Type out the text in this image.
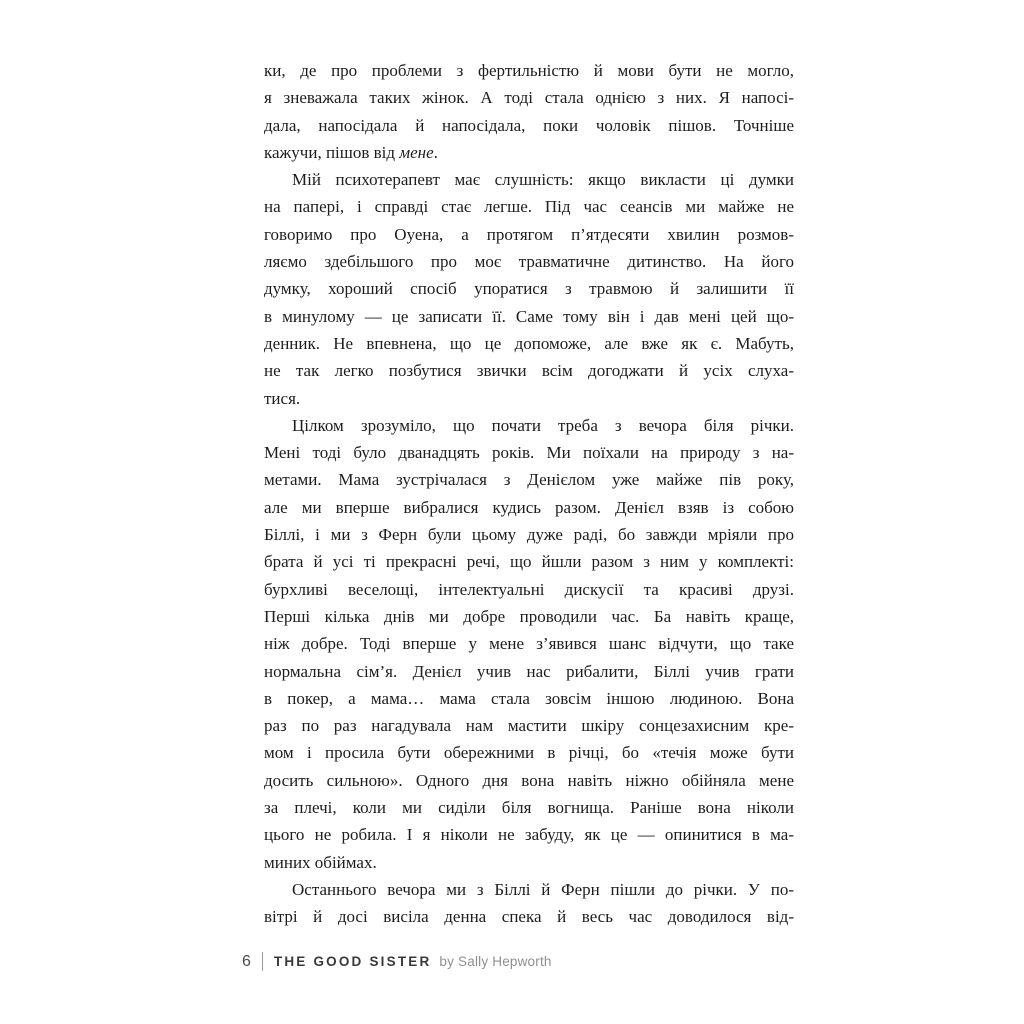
ки, де про проблеми з фертильністю й мови бути не могло,
я зневажала таких жінок. А тоді стала однією з них. Я напосі-
дала, напосідала й напосідала, поки чоловік пішов. Точніше
кажучи, пішов від мене.
Мій психотерапевт має слушність: якщо викласти ці думки
на папері, і справді стає легше. Під час сеансів ми майже не
говоримо про Оуена, а протягом п’ятдесяти хвилин розмов-
ляємо здебільшого про моє травматичне дитинство. На його
думку, хороший спосіб упоратися з травмою й залишити її
в минулому — це записати її. Саме тому він і дав мені цей що-
денник. Не впевнена, що це допоможе, але вже як є. Мабуть,
не так легко позбутися звички всім догоджати й усіх слуха-
тися.
Цілком зрозуміло, що почати треба з вечора біля річки.
Мені тоді було дванадцять років. Ми поїхали на природу з на-
метами. Мама зустрічалася з Денієлом уже майже пів року,
але ми вперше вибралися кудись разом. Денієл взяв із собою
Біллі, і ми з Ферн були цьому дуже раді, бо завжди мріяли про
брата й усі ті прекрасні речі, що йшли разом з ним у комплекті:
бурхливі веселощі, інтелектуальні дискусії та красиві друзі.
Перші кілька днів ми добре проводили час. Ба навіть краще,
ніж добре. Тоді вперше у мене з’явився шанс відчути, що таке
нормальна сім’я. Денієл учив нас рибалити, Біллі учив грати
в покер, а мама… мама стала зовсім іншою людиною. Вона
раз по раз нагадувала нам мастити шкіру сонцезахисним кре-
мом і просила бути обережними в річці, бо «течія може бути
досить сильною». Одного дня вона навіть ніжно обійняла мене
за плечі, коли ми сиділи біля вогнища. Раніше вона ніколи
цього не робила. І я ніколи не забуду, як це — опинитися в ма-
миних обіймах.
Останнього вечора ми з Біллі й Ферн пішли до річки. У по-
вітрі й досі висіла денна спека й весь час доводилося від-
6 THE GOOD SISTER by Sally Hepworth
